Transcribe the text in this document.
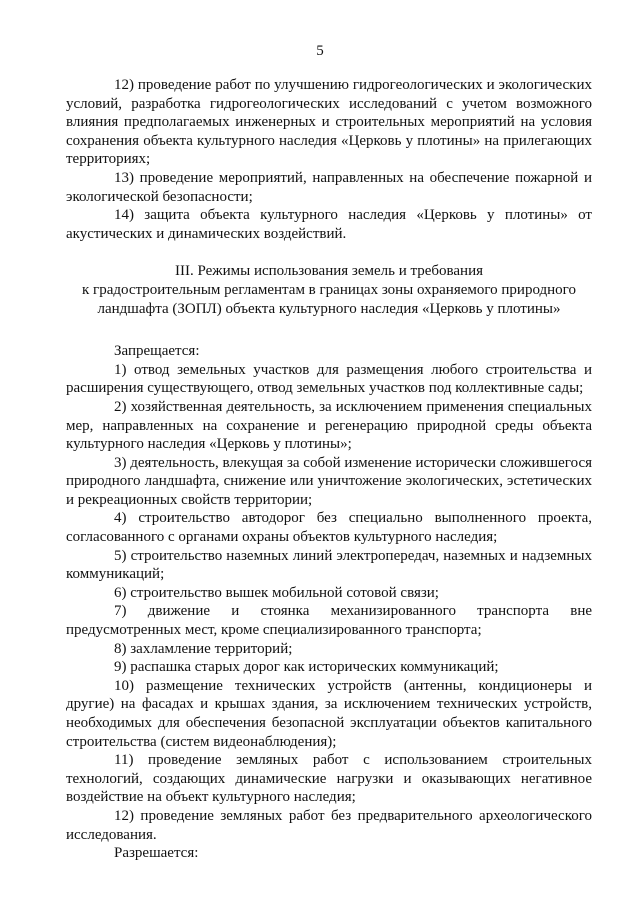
5

12) проведение работ по улучшению гидрогеологических и экологических условий, разработка гидрогеологических исследований с учетом возможного влияния предполагаемых инженерных и строительных мероприятий на условия сохранения объекта культурного наследия «Церковь у плотины» на прилегающих территориях;

13) проведение мероприятий, направленных на обеспечение пожарной и экологической безопасности;

14) защита объекта культурного наследия «Церковь у плотины» от акустических и динамических воздействий.

III. Режимы использования земель и требования
к градостроительным регламентам в границах зоны охраняемого природного
ландшафта (ЗОПЛ) объекта культурного наследия «Церковь у плотины»

Запрещается:

1) отвод земельных участков для размещения любого строительства и расширения существующего, отвод земельных участков под коллективные сады;

2) хозяйственная деятельность, за исключением применения специальных мер, направленных на сохранение и регенерацию природной среды объекта культурного наследия «Церковь у плотины»;

3) деятельность, влекущая за собой изменение исторически сложившегося природного ландшафта, снижение или уничтожение экологических, эстетических и рекреационных свойств территории;

4) строительство автодорог без специально выполненного проекта, согласованного с органами охраны объектов культурного наследия;

5) строительство наземных линий электропередач, наземных и надземных коммуникаций;

6) строительство вышек мобильной сотовой связи;

7) движение и стоянка механизированного транспорта вне предусмотренных мест, кроме специализированного транспорта;

8) захламление территорий;

9) распашка старых дорог как исторических коммуникаций;

10) размещение технических устройств (антенны, кондиционеры и другие) на фасадах и крышах здания, за исключением технических устройств, необходимых для обеспечения безопасной эксплуатации объектов капитального строительства (систем видеонаблюдения);

11) проведение земляных работ с использованием строительных технологий, создающих динамические нагрузки и оказывающих негативное воздействие на объект культурного наследия;

12) проведение земляных работ без предварительного археологического исследования.

Разрешается:
